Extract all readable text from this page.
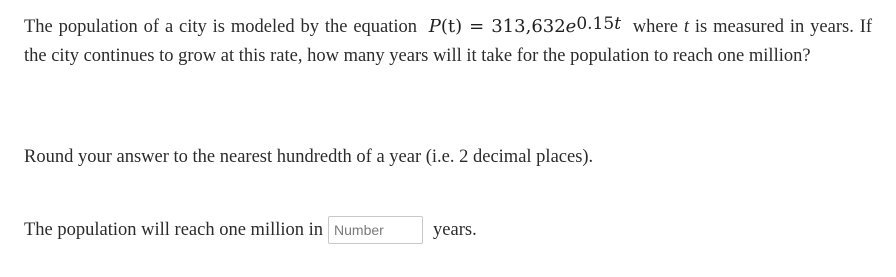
The population of a city is modeled by the equation $P(t) = 313,632e^{0.15t}$ where t is measured in years. If the city continues to grow at this rate, how many years will it take for the population to reach one million?
Round your answer to the nearest hundredth of a year (i.e. 2 decimal places).
The population will reach one million in
Number	years.
